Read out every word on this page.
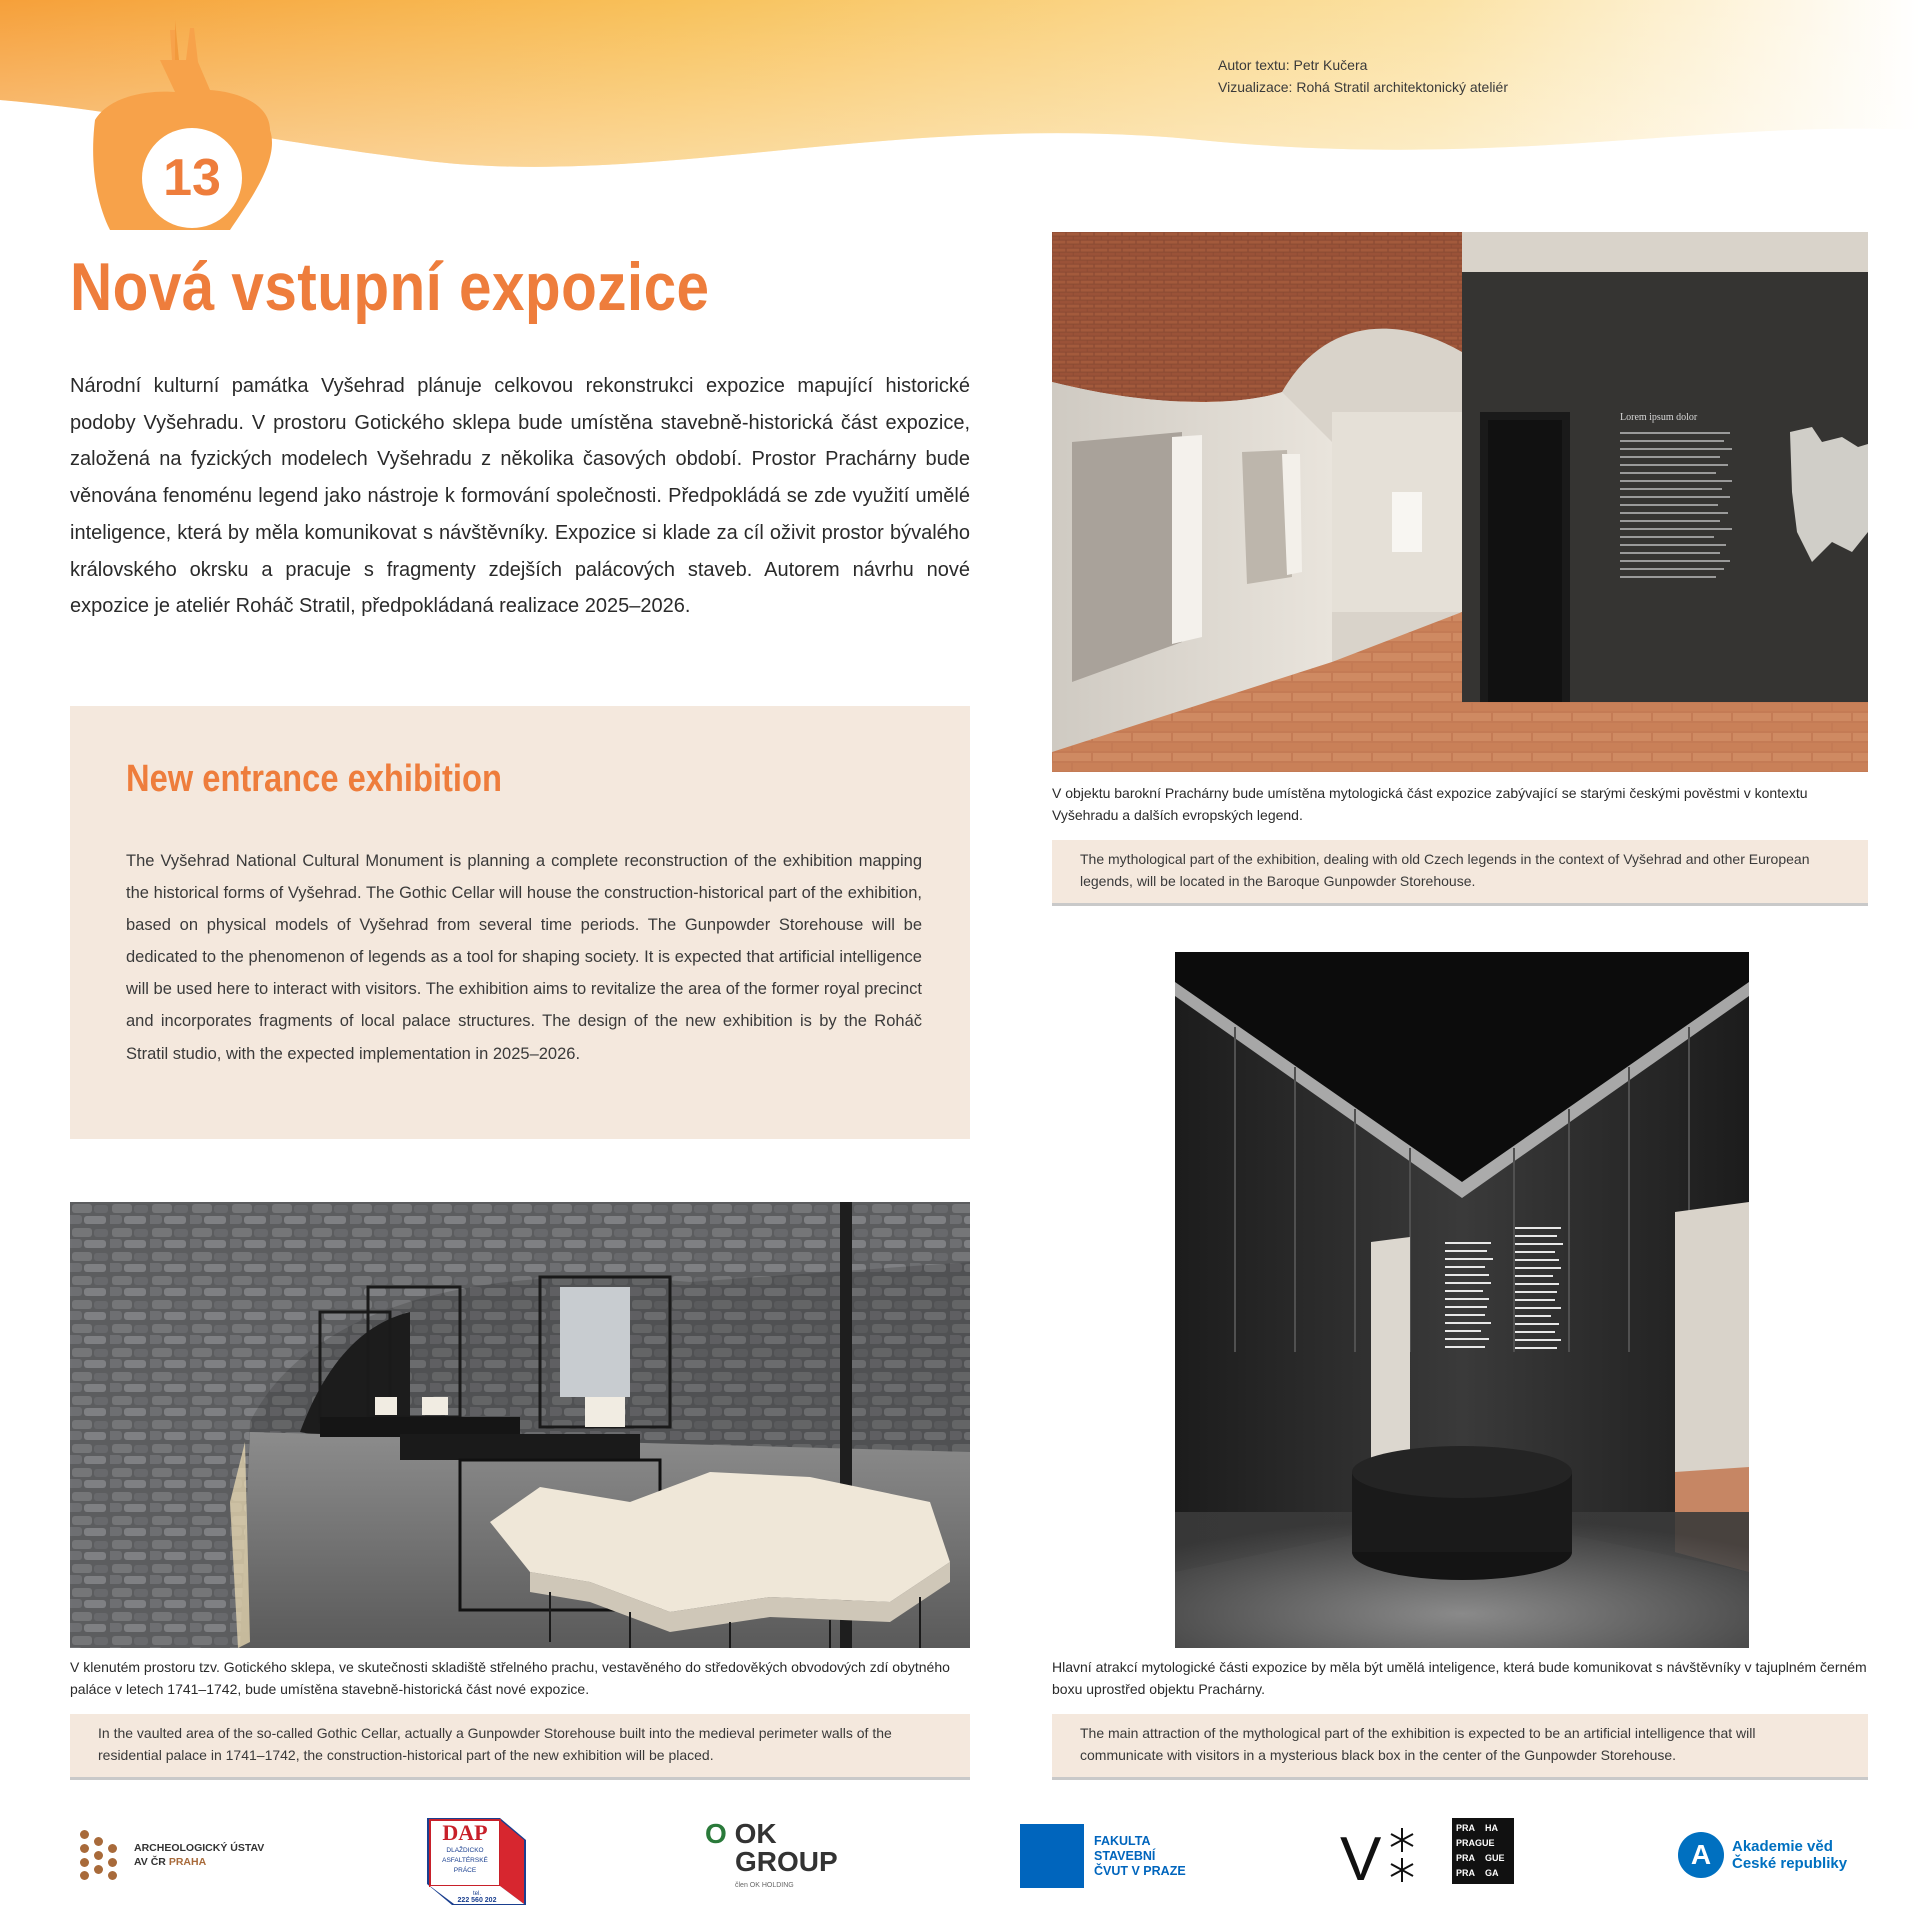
13
Autor textu: Petr Kučera
Vizualizace: Rohá Stratil architektonický ateliér
Nová vstupní expozice

Národní kulturní památka Vyšehrad plánuje celkovou rekonstrukci expozice mapující historické podoby Vyšehradu. V prostoru Gotického sklepa bude umístěna stavebně-historická část expozice, založená na fyzických modelech Vyšehradu z několika časových období. Prostor Prachárny bude věnována fenoménu legend jako nástroje k formování společnosti. Předpokládá se zde využití umělé inteligence, která by měla komunikovat s návštěvníky. Expozice si klade za cíl oživit prostor bývalého královského okrsku a pracuje s fragmenty zdejších palácových staveb. Autorem návrhu nové expozice je ateliér Roháč Stratil, předpokládaná realizace 2025–2026.

New entrance exhibition

The Vyšehrad National Cultural Monument is planning a complete reconstruction of the exhibition mapping the historical forms of Vyšehrad. The Gothic Cellar will house the construction-historical part of the exhibition, based on physical models of Vyšehrad from several time periods. The Gunpowder Storehouse will be dedicated to the phenomenon of legends as a tool for shaping society. It is expected that artificial intelligence will be used here to interact with visitors. The exhibition aims to revitalize the area of the former royal precinct and incorporates fragments of local palace structures. The design of the new exhibition is by the Roháč Stratil studio, with the expected implementation in 2025–2026.

Lorem ipsum dolor
V objektu barokní Prachárny bude umístěna mytologická část expozice zabývající se starými českými pověstmi v kontextu Vyšehradu a dalších evropských legend.
The mythological part of the exhibition, dealing with old Czech legends in the context of Vyšehrad and other European legends, will be located in the Baroque Gunpowder Storehouse.
Hlavní atrakcí mytologické části expozice by měla být umělá inteligence, která bude komunikovat s návštěvníky v tajuplném černém boxu uprostřed objektu Prachárny.
The main attraction of the mythological part of the exhibition is expected to be an artificial intelligence that will communicate with visitors in a mysterious black box in the center of the Gunpowder Storehouse.
V klenutém prostoru tzv. Gotického sklepa, ve skutečnosti skladiště střelného prachu, vestavěného do středověkých obvodových zdí obytného paláce v letech 1741–1742, bude umístěna stavebně-historická část nové expozice.
In the vaulted area of the so-called Gothic Cellar, actually a Gunpowder Storehouse built into the medieval perimeter walls of the residential palace in 1741–1742, the construction-historical part of the new exhibition will be placed.
ARCHEOLOGICKÝ ÚSTAV
AV ČR PRAHA
DAP
DLAŽDICKO
ASFALTÉRSKÉ
PRÁCE
tel.
222 560 202
O OK
GROUP
člen OK HOLDING
FAKULTA
STAVEBNÍ
ČVUT V PRAZE V	PRA	HA
PRAGUE
PRA	GUE
PRA	GA
PRAG G
A	Akademie věd
České republiky
